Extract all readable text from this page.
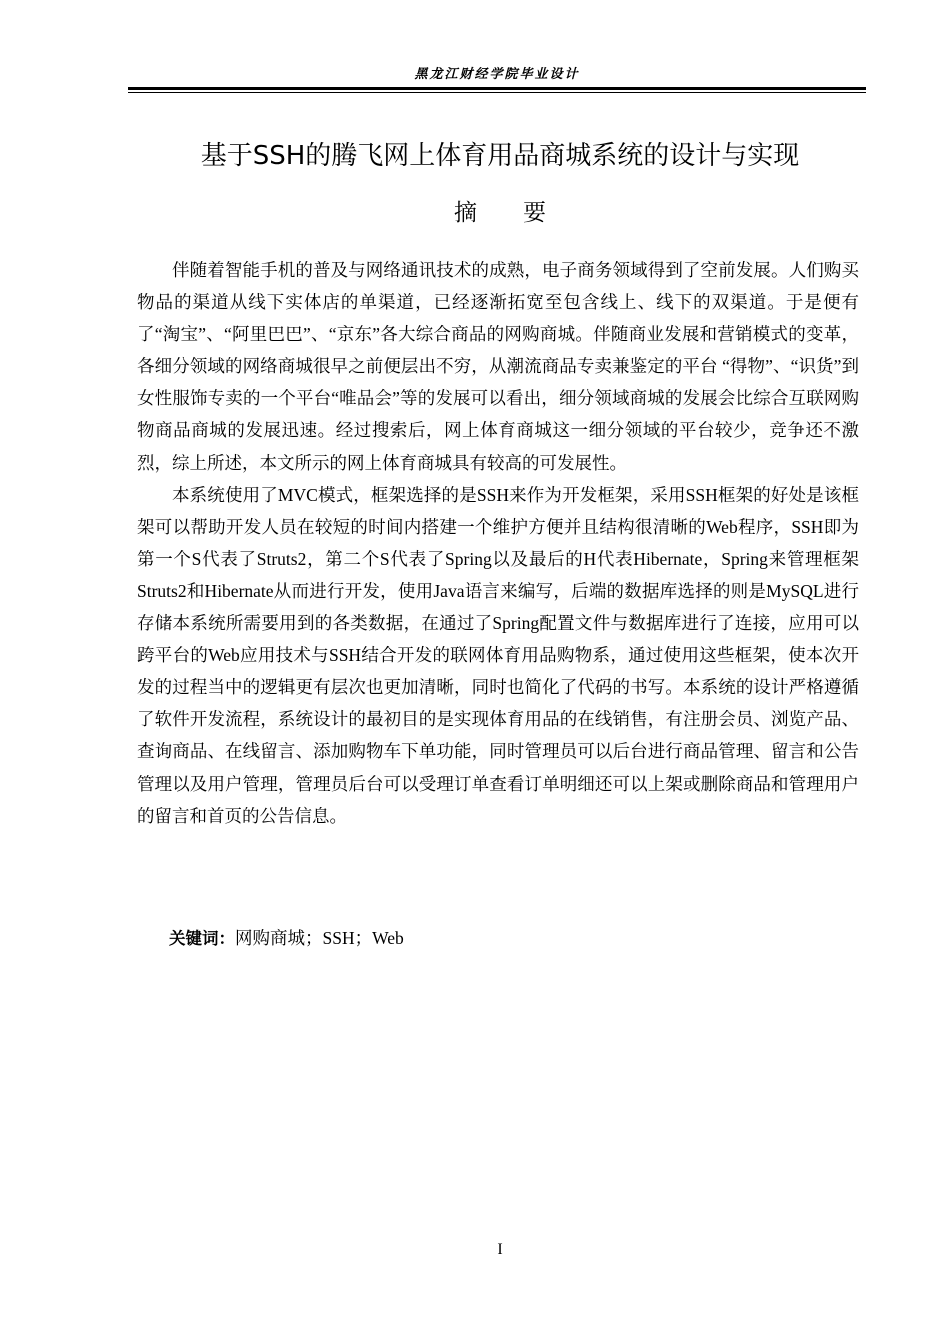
黑龙江财经学院毕业设计
基于SSH的腾飞网上体育用品商城系统的设计与实现
摘要

伴随着智能手机的普及与网络通讯技术的成熟，电子商务领域得到了空前发展。人们购买物品的渠道从线下实体店的单渠道，已经逐渐拓宽至包含线上、线下的双渠道。于是便有了“淘宝”、“阿里巴巴”、“京东”各大综合商品的网购商城。伴随商业发展和营销模式的变革，各细分领域的网络商城很早之前便层出不穷，从潮流商品专卖兼鉴定的平台 “得物”、“识货”到女性服饰专卖的一个平台“唯品会”等的发展可以看出，细分领域商城的发展会比综合互联网购物商品商城的发展迅速。经过搜索后，网上体育商城这一细分领域的平台较少，竞争还不激烈，综上所述，本文所示的网上体育商城具有较高的可发展性。

本系统使用了MVC模式，框架选择的是SSH来作为开发框架，采用SSH框架的好处是该框架可以帮助开发人员在较短的时间内搭建一个维护方便并且结构很清晰的Web程序，SSH即为第一个S代表了Struts2，第二个S代表了Spring以及最后的H代表Hibernate，Spring来管理框架Struts2和Hibernate从而进行开发，使用Java语言来编写，后端的数据库选择的则是MySQL进行存储本系统所需要用到的各类数据，在通过了Spring配置文件与数据库进行了连接，应用可以跨平台的Web应用技术与SSH结合开发的联网体育用品购物系，通过使用这些框架，使本次开发的过程当中的逻辑更有层次也更加清晰，同时也简化了代码的书写。本系统的设计严格遵循了软件开发流程，系统设计的最初目的是实现体育用品的在线销售，有注册会员、浏览产品、查询商品、在线留言、添加购物车下单功能，同时管理员可以后台进行商品管理、留言和公告管理以及用户管理，管理员后台可以受理订单查看订单明细还可以上架或删除商品和管理用户的留言和首页的公告信息。

关键词：网购商城；SSH；Web
I
